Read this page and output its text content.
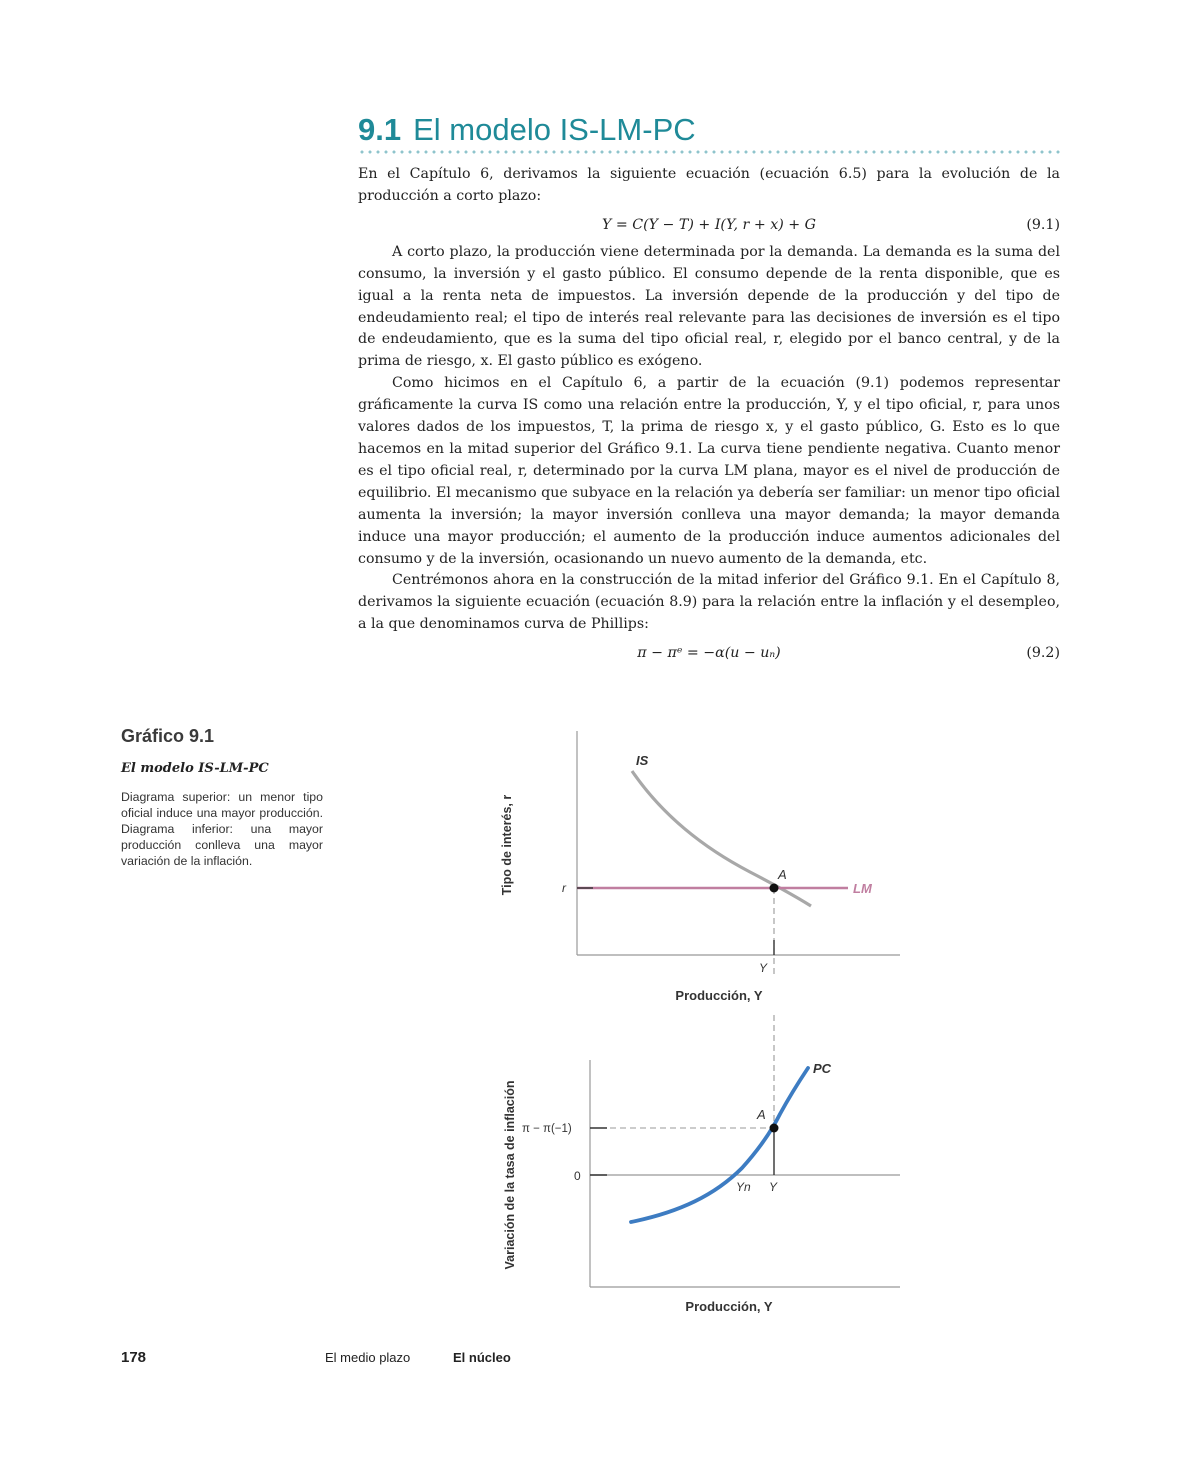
9.1 El modelo IS-LM-PC

En el Capítulo 6, derivamos la siguiente ecuación (ecuación 6.5) para la evolución de la producción a corto plazo:

Y = C(Y − T) + I(Y, r + x) + G	(9.1)

A corto plazo, la producción viene determinada por la demanda. La demanda es la suma del consumo, la inversión y el gasto público. El consumo depende de la renta disponible, que es igual a la renta neta de impuestos. La inversión depende de la producción y del tipo de endeudamiento real; el tipo de interés real relevante para las decisiones de inversión es el tipo de endeudamiento, que es la suma del tipo oficial real, r, elegido por el banco central, y de la prima de riesgo, x. El gasto público es exógeno.

Como hicimos en el Capítulo 6, a partir de la ecuación (9.1) podemos representar gráficamente la curva IS como una relación entre la producción, Y, y el tipo oficial, r, para unos valores dados de los impuestos, T, la prima de riesgo x, y el gasto público, G. Esto es lo que hacemos en la mitad superior del Gráfico 9.1. La curva tiene pendiente negativa. Cuanto menor es el tipo oficial real, r, determinado por la curva LM plana, mayor es el nivel de producción de equilibrio. El mecanismo que subyace en la relación ya debería ser familiar: un menor tipo oficial aumenta la inversión; la mayor inversión conlleva una mayor demanda; la mayor demanda induce una mayor producción; el aumento de la producción induce aumentos adicionales del consumo y de la inversión, ocasionando un nuevo aumento de la demanda, etc.

Centrémonos ahora en la construcción de la mitad inferior del Gráfico 9.1. En el Capítulo 8, derivamos la siguiente ecuación (ecuación 8.9) para la relación entre la inflación y el desempleo, a la que denominamos curva de Phillips:

π − πᵉ = −α(u − uₙ)	(9.2)
Gráfico 9.1
El modelo IS-LM-PC
Diagrama superior: un menor tipo oficial induce una mayor producción. Diagrama inferior: una mayor producción conlleva una mayor variación de la inflación.
IS
LM
A
r
Y
Producción, Y
Tipo de interés, r
PC
A
π − π(−1)
0
Yn Y
Producción, Y
Variación de la tasa de inflación
178	El medio plazo	El núcleo
